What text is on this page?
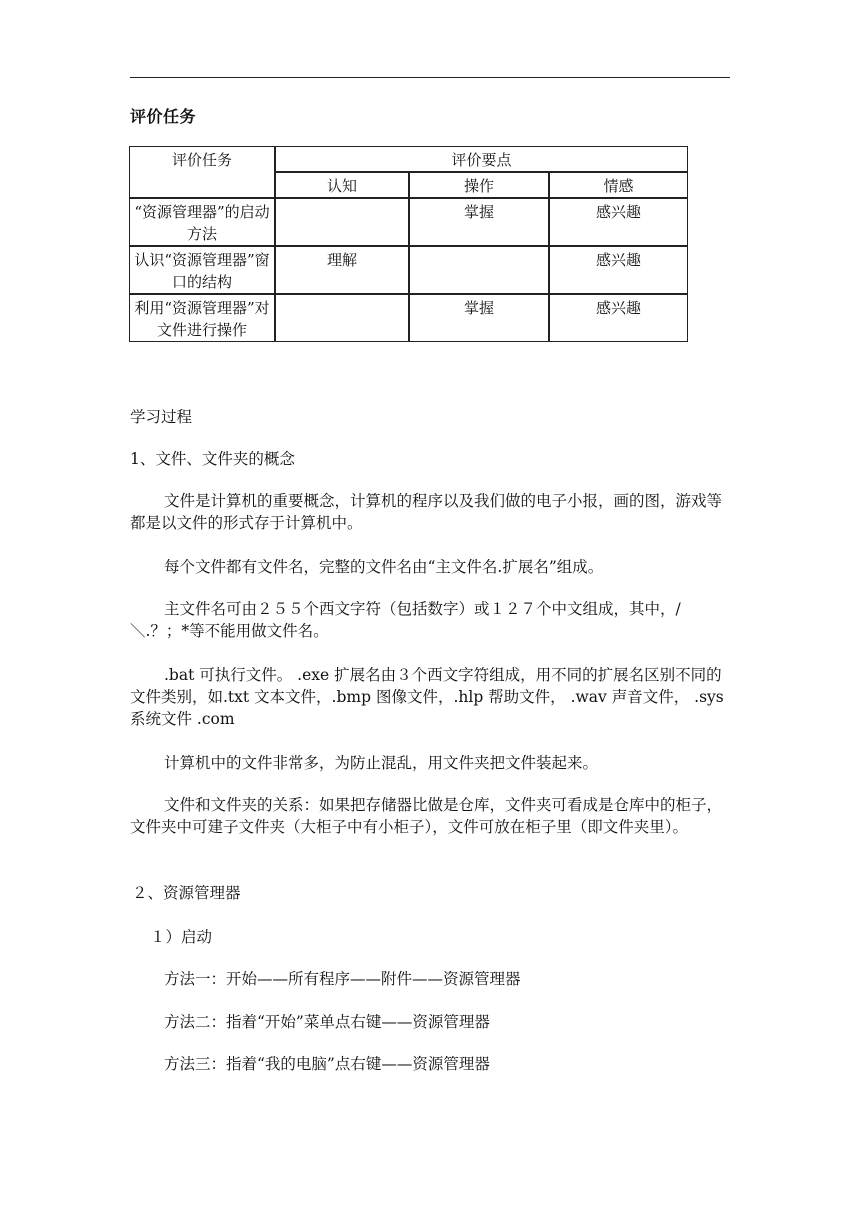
评价任务
评价任务	评价要点		
	认知	操作	情感
“资源管理器”的启动方法		掌握	感兴趣
认识“资源管理器”窗口的结构	理解		感兴趣
利用“资源管理器”对文件进行操作		掌握	感兴趣
学习过程
1、文件、文件夹的概念
文件是计算机的重要概念，计算机的程序以及我们做的电子小报，画的图，游戏等都是以文件的形式存于计算机中。
每个文件都有文件名，完整的文件名由“主文件名.扩展名”组成。
主文件名可由２５５个西文字符（包括数字）或１２７个中文组成，其中，/＼.？；*等不能用做文件名。
.bat 可执行文件。 .exe 扩展名由３个西文字符组成，用不同的扩展名区别不同的文件类别，如.txt 文本文件，.bmp 图像文件，.hlp 帮助文件， .wav 声音文件， .sys 系统文件 .com
计算机中的文件非常多，为防止混乱，用文件夹把文件装起来。
文件和文件夹的关系：如果把存储器比做是仓库，文件夹可看成是仓库中的柜子，文件夹中可建子文件夹（大柜子中有小柜子），文件可放在柜子里（即文件夹里）。
２、资源管理器
１）启动
方法一：开始——所有程序——附件——资源管理器
方法二：指着“开始”菜单点右键——资源管理器
方法三：指着“我的电脑”点右键——资源管理器
